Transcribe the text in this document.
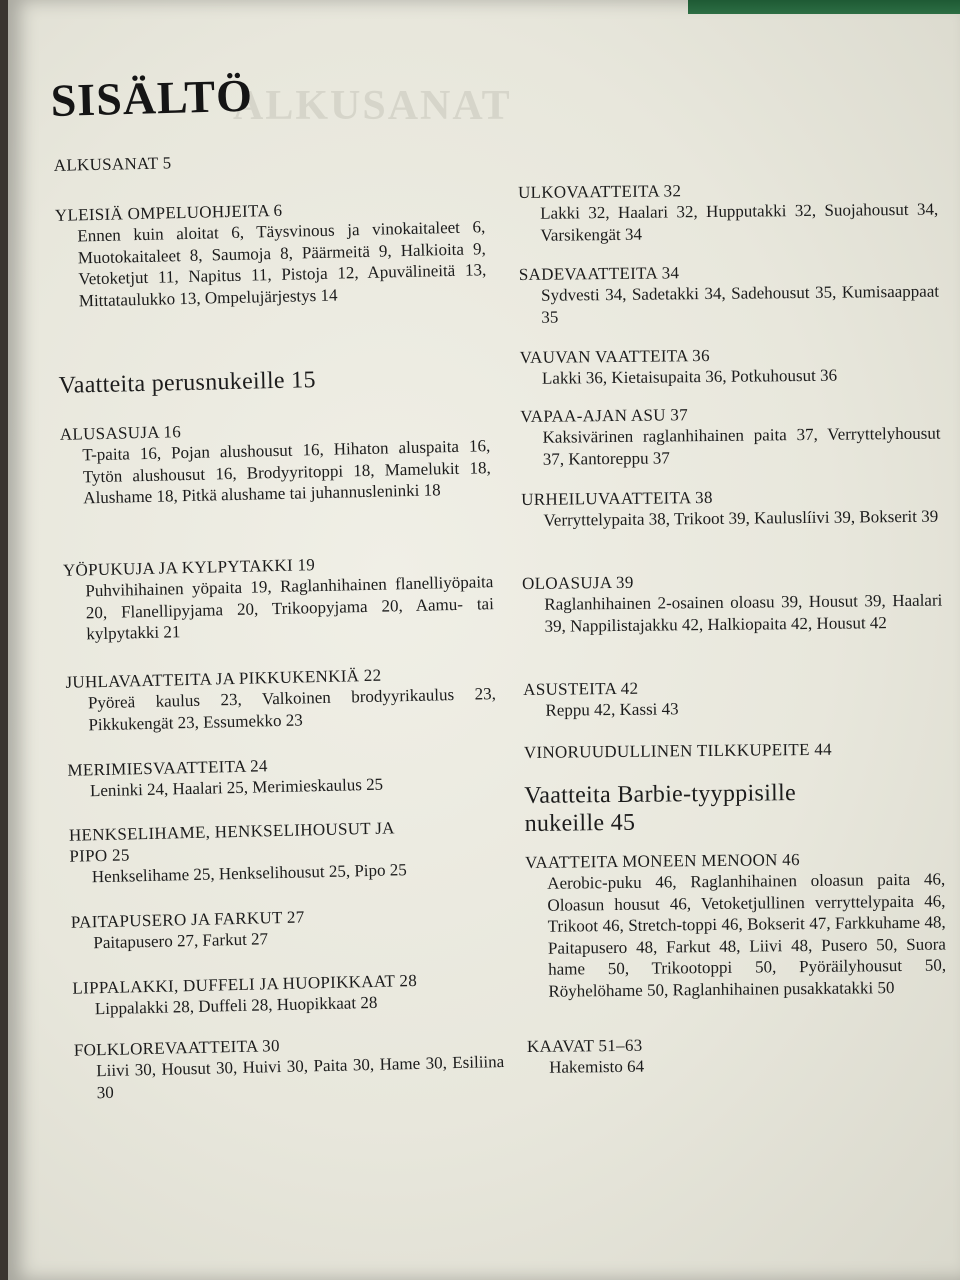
ALKUSANAT
SISÄLTÖ
ALKUSANAT 5
YLEISIÄ OMPELUOHJEITA 6
Ennen kuin aloitat 6, Täysvinous ja vinokaitaleet 6, Muotokaitaleet 8, Saumoja 8, Päärmeitä 9, Halkioita 9, Vetoketjut 11, Napitus 11, Pistoja 12, Apuvälineitä 13, Mittataulukko 13, Ompelujärjestys 14
Vaatteita perusnukeille 15
ALUSASUJA 16
T-paita 16, Pojan alushousut 16, Hihaton aluspaita 16, Tytön alushousut 16, Brodyyritoppi 18, Mamelukit 18, Alushame 18, Pitkä alushame tai juhannusleninki 18
YÖPUKUJA JA KYLPYTAKKI 19
Puhvihihainen yöpaita 19, Raglanhihainen flanelliyöpaita 20, Flanellipyjama 20, Trikoopyjama 20, Aamu- tai kylpytakki 21
JUHLAVAATTEITA JA PIKKUKENKIÄ 22
Pyöreä kaulus 23, Valkoinen brodyyrikaulus 23, Pikkukengät 23, Essumekko 23
MERIMIESVAATTEITA 24
Leninki 24, Haalari 25, Merimieskaulus 25
HENKSELIHAME, HENKSELIHOUSUT JA PIPO 25
Henkselihame 25, Henkselihousut 25, Pipo 25
PAITAPUSERO JA FARKUT 27
Paitapusero 27, Farkut 27
LIPPALAKKI, DUFFELI JA HUOPIKKAAT 28
Lippalakki 28, Duffeli 28, Huopikkaat 28
FOLKLOREVAATTEITA 30
Liivi 30, Housut 30, Huivi 30, Paita 30, Hame 30, Esiliina 30
ULKOVAATTEITA 32
Lakki 32, Haalari 32, Hupputakki 32, Suojahousut 34, Varsikengät 34
SADEVAATTEITA 34
Sydvesti 34, Sadetakki 34, Sadehousut 35, Kumisaappaat 35
VAUVAN VAATTEITA 36
Lakki 36, Kietaisupaita 36, Potkuhousut 36
VAPAA-AJAN ASU 37
Kaksivärinen raglanhihainen paita 37, Verryttelyhousut 37, Kantoreppu 37
URHEILUVAATTEITA 38
Verryttelypaita 38, Trikoot 39, Kauluslíivi 39, Bokserit 39
OLOASUJA 39
Raglanhihainen 2-osainen oloasu 39, Housut 39, Haalari 39, Nappilistajakku 42, Halkiopaita 42, Housut 42
ASUSTEITA 42
Reppu 42, Kassi 43
VINORUUDULLINEN TILKKUPEITE 44
Vaatteita Barbie-tyyppisille nukeille 45
VAATTEITA MONEEN MENOON 46
Aerobic-puku 46, Raglanhihainen oloasun paita 46, Oloasun housut 46, Vetoketjullinen verryttelypaita 46, Trikoot 46, Stretch-toppi 46, Bokserit 47, Farkkuhame 48, Paitapusero 48, Farkut 48, Liivi 48, Pusero 50, Suora hame 50, Trikootoppi 50, Pyöräilyhousut 50, Röyhelöhame 50, Raglanhihainen pusakkatakki 50
KAAVAT 51–63
Hakemisto 64
